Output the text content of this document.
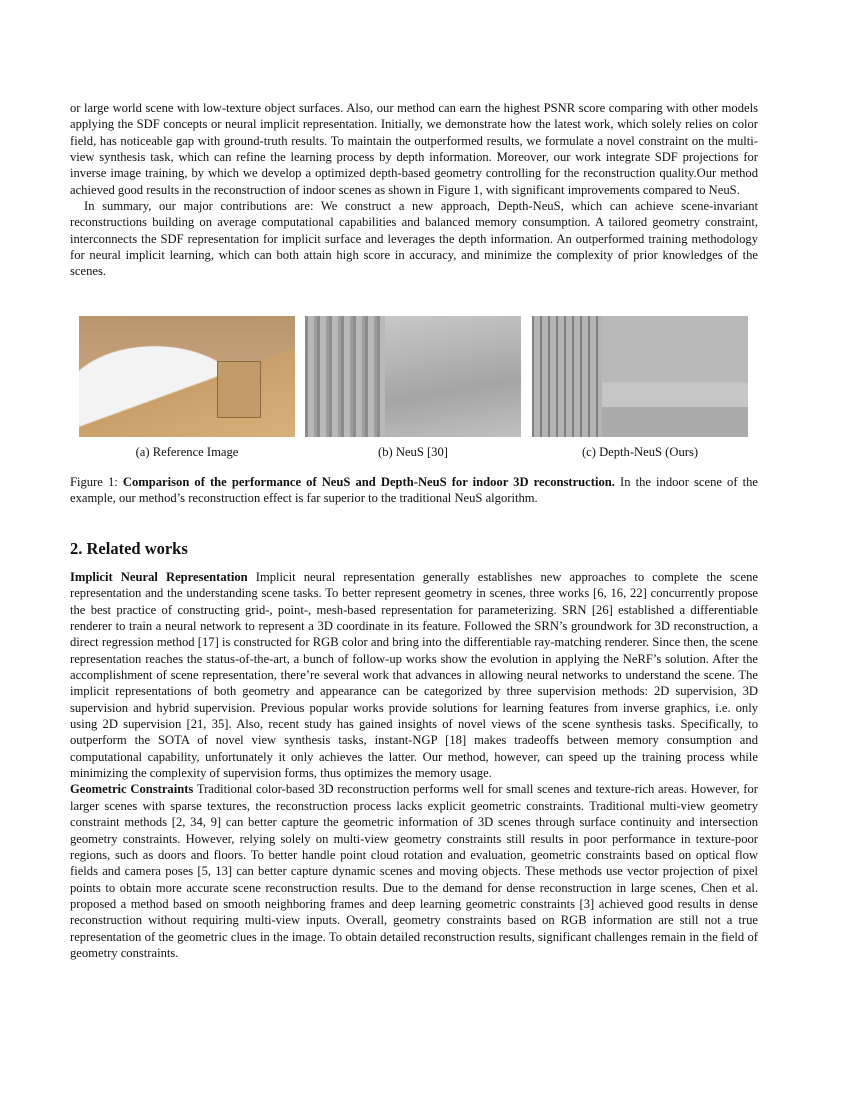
or large world scene with low-texture object surfaces. Also, our method can earn the highest PSNR score comparing with other models applying the SDF concepts or neural implicit representation. Initially, we demonstrate how the latest work, which solely relies on color field, has noticeable gap with ground-truth results. To maintain the outperformed results, we formulate a novel constraint on the multi-view synthesis task, which can refine the learning process by depth information. Moreover, our work integrate SDF projections for inverse image training, by which we develop a optimized depth-based geometry controlling for the reconstruction quality.Our method achieved good results in the reconstruction of indoor scenes as shown in Figure 1, with significant improvements compared to NeuS.

In summary, our major contributions are: We construct a new approach, Depth-NeuS, which can achieve scene-invariant reconstructions building on average computational capabilities and balanced memory consumption. A tailored geometry constraint, interconnects the SDF representation for implicit surface and leverages the depth information. An outperformed training methodology for neural implicit learning, which can both attain high score in accuracy, and minimize the complexity of prior knowledges of the scenes.

(a) Reference Image	(b) NeuS [30]	(c) Depth-NeuS (Ours)
Figure 1: Comparison of the performance of NeuS and Depth-NeuS for indoor 3D reconstruction. In the indoor scene of the example, our method’s reconstruction effect is far superior to the traditional NeuS algorithm.
2. Related works

Implicit Neural Representation Implicit neural representation generally establishes new approaches to complete the scene representation and the understanding scene tasks. To better represent geometry in scenes, three works [6, 16, 22] concurrently propose the best practice of constructing grid-, point-, mesh-based representation for parameterizing. SRN [26] established a differentiable renderer to train a neural network to represent a 3D coordinate in its feature. Followed the SRN’s groundwork for 3D reconstruction, a direct regression method [17] is constructed for RGB color and bring into the differentiable ray-matching renderer. Since then, the scene representation reaches the status-of-the-art, a bunch of follow-up works show the evolution in applying the NeRF’s solution. After the accomplishment of scene representation, there’re several work that advances in allowing neural networks to understand the scene. The implicit representations of both geometry and appearance can be categorized by three supervision methods: 2D supervision, 3D supervision and hybrid supervision. Previous popular works provide solutions for learning features from inverse graphics, i.e. only using 2D supervision [21, 35]. Also, recent study has gained insights of novel views of the scene synthesis tasks. Specifically, to outperform the SOTA of novel view synthesis tasks, instant-NGP [18] makes tradeoffs between memory consumption and computational capability, unfortunately it only achieves the latter. Our method, however, can speed up the training process while minimizing the complexity of supervision forms, thus optimizes the memory usage.

Geometric Constraints Traditional color-based 3D reconstruction performs well for small scenes and texture-rich areas. However, for larger scenes with sparse textures, the reconstruction process lacks explicit geometric constraints. Traditional multi-view geometry constraint methods [2, 34, 9] can better capture the geometric information of 3D scenes through surface continuity and intersection geometry constraints. However, relying solely on multi-view geometry constraints still results in poor performance in texture-poor regions, such as doors and floors. To better handle point cloud rotation and evaluation, geometric constraints based on optical flow fields and camera poses [5, 13] can better capture dynamic scenes and moving objects. These methods use vector projection of pixel points to obtain more accurate scene reconstruction results. Due to the demand for dense reconstruction in large scenes, Chen et al. proposed a method based on smooth neighboring frames and deep learning geometric constraints [3] achieved good results in dense reconstruction without requiring multi-view inputs. Overall, geometry constraints based on RGB information are still not a true representation of the geometric clues in the image. To obtain detailed reconstruction results, significant challenges remain in the field of geometry constraints.
